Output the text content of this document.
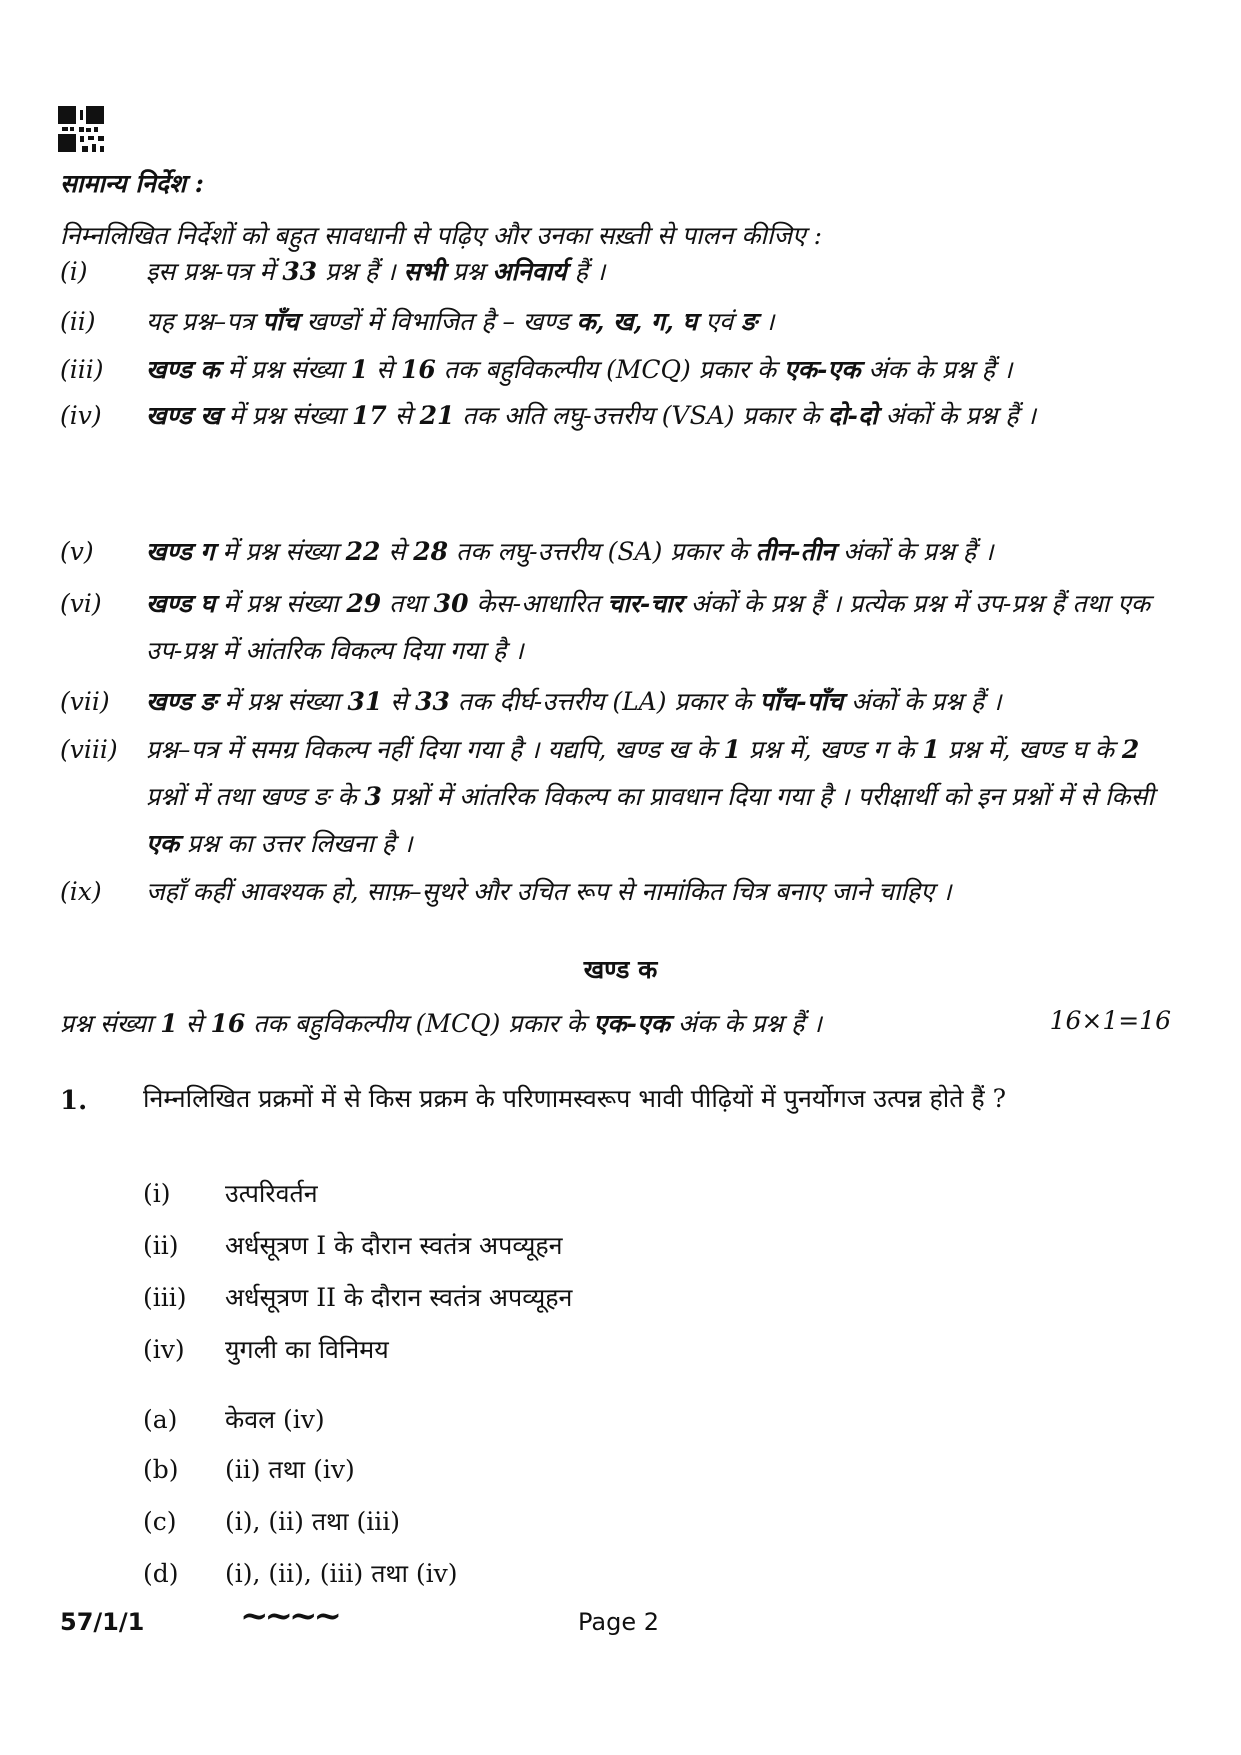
सामान्य निर्देश :
निम्नलिखित निर्देशों को बहुत सावधानी से पढ़िए और उनका सख़्ती से पालन कीजिए :
(i)	इस प्रश्न-पत्र में 33 प्रश्न हैं । सभी प्रश्न अनिवार्य हैं ।
(ii)	यह प्रश्न–पत्र पाँच खण्डों में विभाजित है – खण्ड क, ख, ग, घ एवं ङ ।
(iii)	खण्ड क में प्रश्न संख्या 1 से 16 तक बहुविकल्पीय (MCQ) प्रकार के एक-एक अंक के प्रश्न हैं ।
(iv)	खण्ड ख में प्रश्न संख्या 17 से 21 तक अति लघु-उत्तरीय (VSA) प्रकार के दो-दो अंकों के प्रश्न हैं ।
(v)	खण्ड ग में प्रश्न संख्या 22 से 28 तक लघु-उत्तरीय (SA) प्रकार के तीन-तीन अंकों के प्रश्न हैं ।
(vi)	खण्ड घ में प्रश्न संख्या 29 तथा 30 केस-आधारित चार-चार अंकों के प्रश्न हैं । प्रत्येक प्रश्न में उप-प्रश्न हैं तथा एक उप-प्रश्न में आंतरिक विकल्प दिया गया है ।
(vii)	खण्ड ङ में प्रश्न संख्या 31 से 33 तक दीर्घ-उत्तरीय (LA) प्रकार के पाँच-पाँच अंकों के प्रश्न हैं ।
(viii)	प्रश्न–पत्र में समग्र विकल्प नहीं दिया गया है । यद्यपि, खण्ड ख के 1 प्रश्न में, खण्ड ग के 1 प्रश्न में, खण्ड घ के 2 प्रश्नों में तथा खण्ड ङ के 3 प्रश्नों में आंतरिक विकल्प का प्रावधान दिया गया है । परीक्षार्थी को इन प्रश्नों में से किसी एक प्रश्न का उत्तर लिखना है ।
(ix)	जहाँ कहीं आवश्यक हो, साफ़–सुथरे और उचित रूप से नामांकित चित्र बनाए जाने चाहिए ।
खण्ड क
प्रश्न संख्या 1 से 16 तक बहुविकल्पीय (MCQ) प्रकार के एक-एक अंक के प्रश्न हैं ।	16×1=16
1. निम्नलिखित प्रक्रमों में से किस प्रक्रम के परिणामस्वरूप भावी पीढ़ियों में पुनर्योगज उत्पन्न होते हैं ?
(i) उत्परिवर्तन
(ii) अर्धसूत्रण I के दौरान स्वतंत्र अपव्यूहन
(iii) अर्धसूत्रण II के दौरान स्वतंत्र अपव्यूहन
(iv) युगली का विनिमय
(a) केवल (iv)
(b) (ii) तथा (iv)
(c) (i), (ii) तथा (iii)
(d) (i), (ii), (iii) तथा (iv)
57/1/1	~~~~	Page 2
